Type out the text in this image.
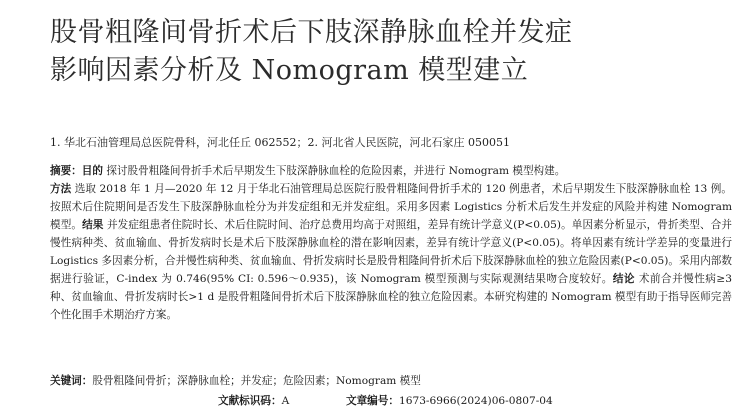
股骨粗隆间骨折术后下肢深静脉血栓并发症
影响因素分析及 Nomogram 模型建立
1. 华北石油管理局总医院骨科，河北任丘 062552；2. 河北省人民医院，河北石家庄 050051

摘要：目的 探讨股骨粗隆间骨折手术后早期发生下肢深静脉血栓的危险因素，并进行 Nomogram 模型构建。
方法 选取 2018 年 1 月—2020 年 12 月于华北石油管理局总医院行股骨粗隆间骨折手术的 120 例患者，术后早期发生下肢深静脉血栓 13 例。按照术后住院期间是否发生下肢深静脉血栓分为并发症组和无并发症组。采用多因素 Logistics 分析术后发生并发症的风险并构建 Nomogram 模型。结果 并发症组患者住院时长、术后住院时间、治疗总费用均高于对照组，差异有统计学意义(P<0.05)。单因素分析显示，骨折类型、合并慢性病种类、贫血输血、骨折发病时长是术后下肢深静脉血栓的潜在影响因素，差异有统计学意义(P<0.05)。将单因素有统计学差异的变量进行 Logistics 多因素分析，合并慢性病种类、贫血输血、骨折发病时长是股骨粗隆间骨折术后下肢深静脉血栓的独立危险因素(P<0.05)。采用内部数据进行验证，C-index 为 0.746(95% CI: 0.596～0.935)，该 Nomogram 模型预测与实际观测结果吻合度较好。结论 术前合并慢性病≥3 种、贫血输血、骨折发病时长>1 d 是股骨粗隆间骨折术后下肢深静脉血栓的独立危险因素。本研究构建的 Nomogram 模型有助于指导医师完善个性化围手术期治疗方案。

关键词：股骨粗隆间骨折；深静脉血栓；并发症；危险因素；Nomogram 模型
文献标识码：A	文章编号：1673-6966(2024)06-0807-04
